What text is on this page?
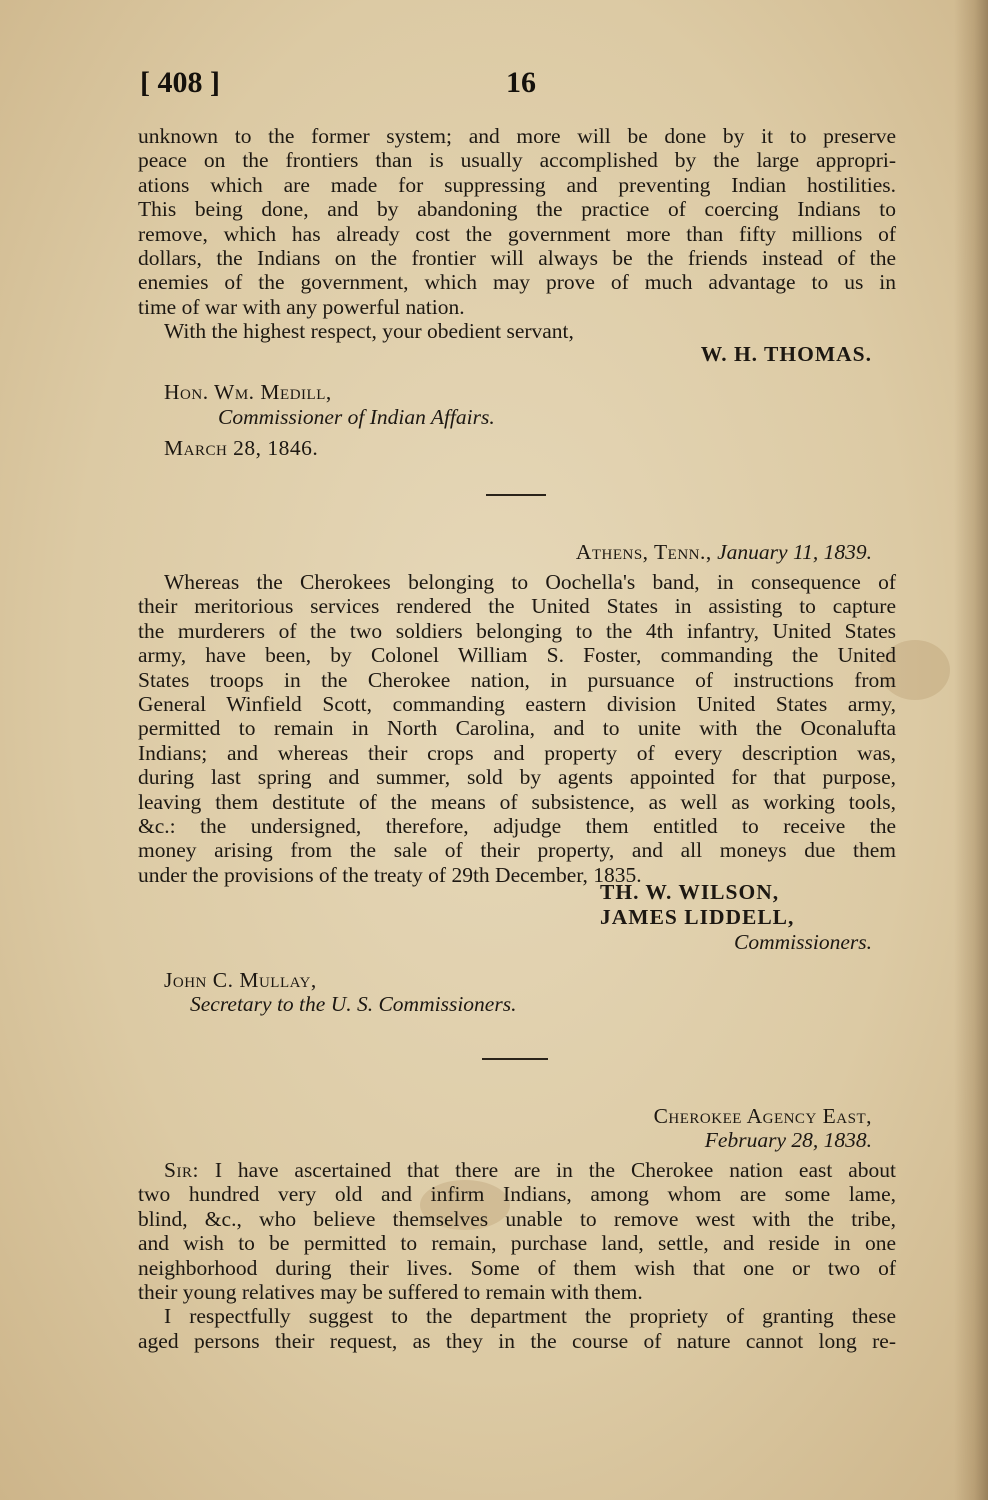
[ 408 ]	16
unknown to the former system; and more will be done by it to preserve
peace on the frontiers than is usually accomplished by the large appropri-
ations which are made for suppressing and preventing Indian hostilities.
This being done, and by abandoning the practice of coercing Indians to
remove, which has already cost the government more than fifty millions of
dollars, the Indians on the frontier will always be the friends instead of the
enemies of the government, which may prove of much advantage to us in
time of war with any powerful nation.
With the highest respect, your obedient servant,
W. H. THOMAS.
Hon. Wm. Medill,
Commissioner of Indian Affairs.
March 28, 1846.
Athens, Tenn., January 11, 1839.
Whereas the Cherokees belonging to Oochella's band, in consequence of
their meritorious services rendered the United States in assisting to capture
the murderers of the two soldiers belonging to the 4th infantry, United States
army, have been, by Colonel William S. Foster, commanding the United
States troops in the Cherokee nation, in pursuance of instructions from
General Winfield Scott, commanding eastern division United States army,
permitted to remain in North Carolina, and to unite with the Oconalufta
Indians; and whereas their crops and property of every description was,
during last spring and summer, sold by agents appointed for that purpose,
leaving them destitute of the means of subsistence, as well as working tools,
&c.: the undersigned, therefore, adjudge them entitled to receive the
money arising from the sale of their property, and all moneys due them
under the provisions of the treaty of 29th December, 1835.
TH. W. WILSON,
JAMES LIDDELL,
Commissioners.
John C. Mullay,
Secretary to the U. S. Commissioners.
Cherokee Agency East,
February 28, 1838.
Sir: I have ascertained that there are in the Cherokee nation east about
two hundred very old and infirm Indians, among whom are some lame,
blind, &c., who believe themselves unable to remove west with the tribe,
and wish to be permitted to remain, purchase land, settle, and reside in one
neighborhood during their lives. Some of them wish that one or two of
their young relatives may be suffered to remain with them.
I respectfully suggest to the department the propriety of granting these
aged persons their request, as they in the course of nature cannot long re-
